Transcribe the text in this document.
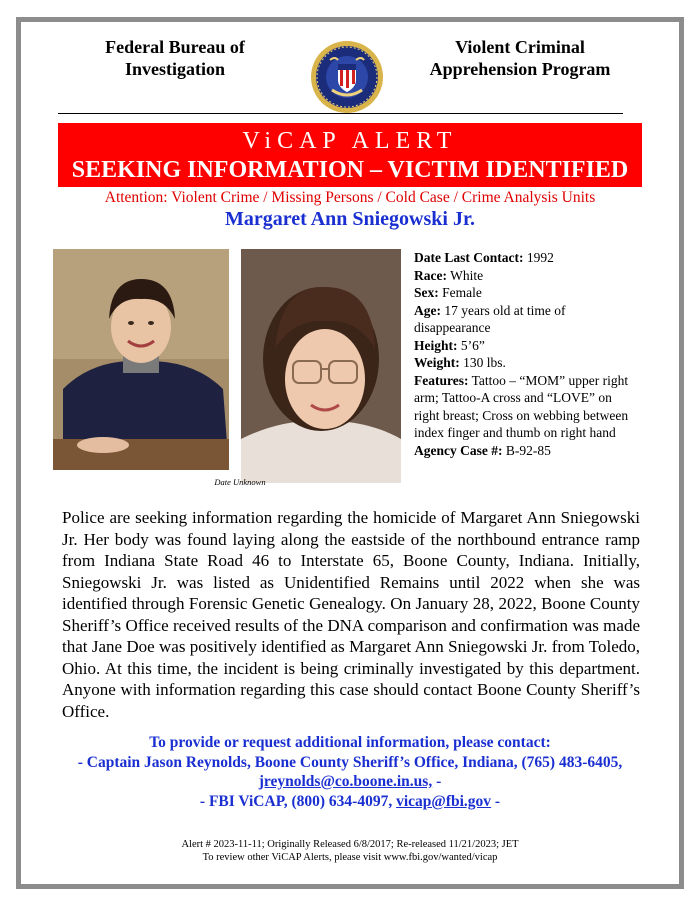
Federal Bureau of
Investigation
Violent Criminal
Apprehension Program
ViCAP ALERT
SEEKING INFORMATION – VICTIM IDENTIFIED
Attention: Violent Crime / Missing Persons / Cold Case / Crime Analysis Units
Margaret Ann Sniegowski Jr.
Date Unknown
Date Last Contact: 1992
Race: White
Sex: Female
Age: 17 years old at time of disappearance
Height: 5’6”
Weight: 130 lbs.
Features: Tattoo – “MOM” upper right arm; Tattoo-A cross and “LOVE” on right breast; Cross on webbing between index finger and thumb on right hand
Agency Case #: B-92-85
Police are seeking information regarding the homicide of Margaret Ann Sniegowski Jr. Her body was found laying along the eastside of the northbound entrance ramp from Indiana State Road 46 to Interstate 65, Boone County, Indiana. Initially, Sniegowski Jr. was listed as Unidentified Remains until 2022 when she was identified through Forensic Genetic Genealogy. On January 28, 2022, Boone County Sheriff’s Office received results of the DNA comparison and confirmation was made that Jane Doe was positively identified as Margaret Ann Sniegowski Jr. from Toledo, Ohio. At this time, the incident is being criminally investigated by this department. Anyone with information regarding this case should contact Boone County Sheriff’s Office.
To provide or request additional information, please contact:
- Captain Jason Reynolds, Boone County Sheriff’s Office, Indiana, (765) 483-6405,
jreynolds@co.boone.in.us, -
- FBI ViCAP, (800) 634-4097, vicap@fbi.gov -
Alert # 2023-11-11; Originally Released 6/8/2017; Re-released 11/21/2023; JET
To review other ViCAP Alerts, please visit www.fbi.gov/wanted/vicap
